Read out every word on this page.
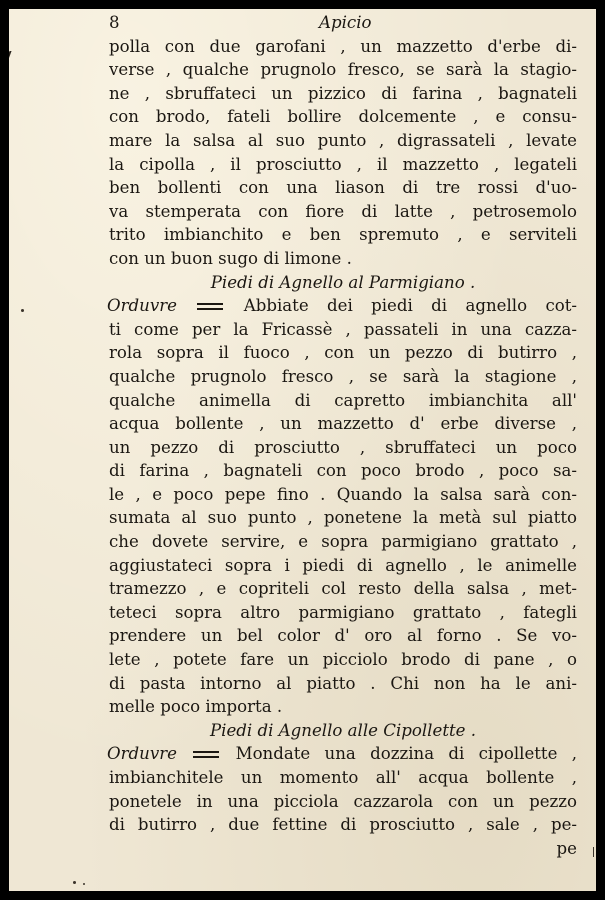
8	Apicio
polla con due garofani , un mazzetto d'erbe di-
verse , qualche prugnolo fresco, se sarà la stagio-
ne , sbruffateci un pizzico di farina , bagnateli
con brodo, fateli bollire dolcemente , e consu-
mare la salsa al suo punto , digrassateli , levate
la cipolla , il prosciutto , il mazzetto , legateli
ben bollenti con una liason di tre rossi d'uo-
va stemperata con fiore di latte , petrosemolo
trito imbianchito e ben spremuto , e serviteli
con un buon sugo di limone .
Piedi di Agnello al Parmigiano .
Orduvre	Abbiate dei piedi di agnello cot-
ti come per la Fricassè , passateli in una cazza-
rola sopra il fuoco , con un pezzo di butirro ,
qualche prugnolo fresco , se sarà la stagione ,
qualche animella di capretto imbianchita all'
acqua bollente , un mazzetto d' erbe diverse ,
un pezzo di prosciutto , sbruffateci un poco
di farina , bagnateli con poco brodo , poco sa-
le , e poco pepe fino . Quando la salsa sarà con-
sumata al suo punto , ponetene la metà sul piatto
che dovete servire, e sopra parmigiano grattato ,
aggiustateci sopra i piedi di agnello , le animelle
tramezzo , e copriteli col resto della salsa , met-
teteci sopra altro parmigiano grattato , fategli
prendere un bel color d' oro al forno . Se vo-
lete , potete fare un picciolo brodo di pane , o
di pasta intorno al piatto . Chi non ha le ani-
melle poco importa .
Piedi di Agnello alle Cipollette .
Orduvre	Mondate una dozzina di cipollette ,
imbianchitele un momento all' acqua bollente ,
ponetele in una picciola cazzarola con un pezzo
di butirro , due fettine di prosciutto , sale , pe-
pe
